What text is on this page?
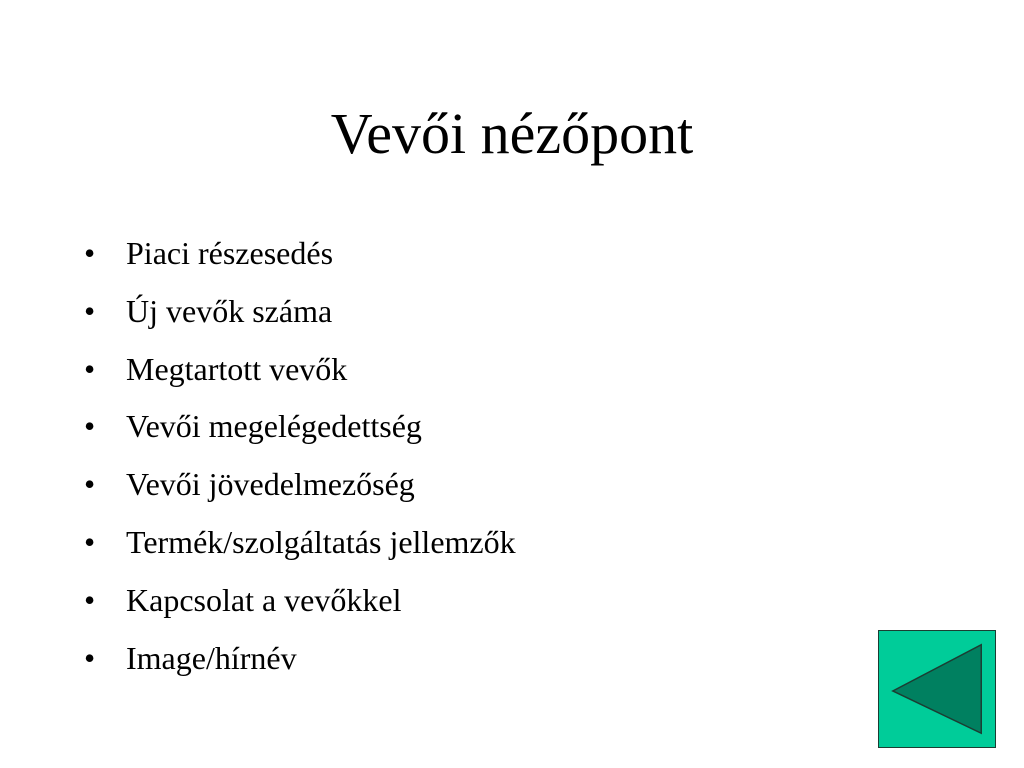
Vevői nézőpont
• Piaci részesedés
• Új vevők száma
• Megtartott vevők
• Vevői megelégedettség
• Vevői jövedelmezőség
• Termék/szolgáltatás jellemzők
• Kapcsolat a vevőkkel
• Image/hírnév
